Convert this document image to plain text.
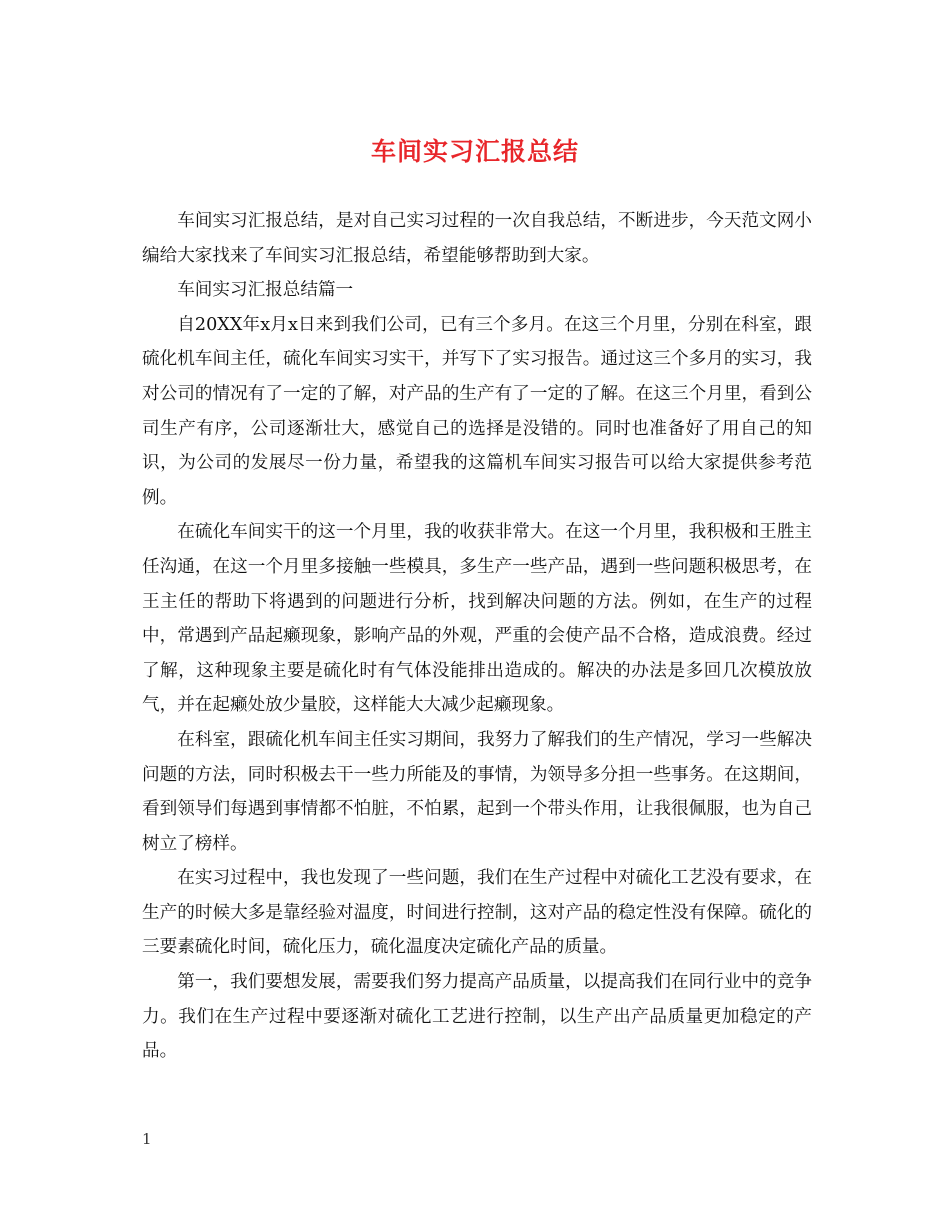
车间实习汇报总结

车间实习汇报总结，是对自己实习过程的一次自我总结，不断进步，今天范文网小编给大家找来了车间实习汇报总结，希望能够帮助到大家。

车间实习汇报总结篇一

自20XX年x月x日来到我们公司，已有三个多月。在这三个月里，分别在科室，跟硫化机车间主任，硫化车间实习实干，并写下了实习报告。通过这三个多月的实习，我对公司的情况有了一定的了解，对产品的生产有了一定的了解。在这三个月里，看到公司生产有序，公司逐渐壮大，感觉自己的选择是没错的。同时也准备好了用自己的知识，为公司的发展尽一份力量，希望我的这篇机车间实习报告可以给大家提供参考范例。

在硫化车间实干的这一个月里，我的收获非常大。在这一个月里，我积极和王胜主任沟通，在这一个月里多接触一些模具，多生产一些产品，遇到一些问题积极思考，在王主任的帮助下将遇到的问题进行分析，找到解决问题的方法。例如，在生产的过程中，常遇到产品起癞现象，影响产品的外观，严重的会使产品不合格，造成浪费。经过了解，这种现象主要是硫化时有气体没能排出造成的。解决的办法是多回几次模放放气，并在起癞处放少量胶，这样能大大减少起癞现象。

在科室，跟硫化机车间主任实习期间，我努力了解我们的生产情况，学习一些解决问题的方法，同时积极去干一些力所能及的事情，为领导多分担一些事务。在这期间，看到领导们每遇到事情都不怕脏，不怕累，起到一个带头作用，让我很佩服，也为自己树立了榜样。

在实习过程中，我也发现了一些问题，我们在生产过程中对硫化工艺没有要求，在生产的时候大多是靠经验对温度，时间进行控制，这对产品的稳定性没有保障。硫化的三要素硫化时间，硫化压力，硫化温度决定硫化产品的质量。

第一，我们要想发展，需要我们努力提高产品质量，以提高我们在同行业中的竞争力。我们在生产过程中要逐渐对硫化工艺进行控制，以生产出产品质量更加稳定的产品。

1
